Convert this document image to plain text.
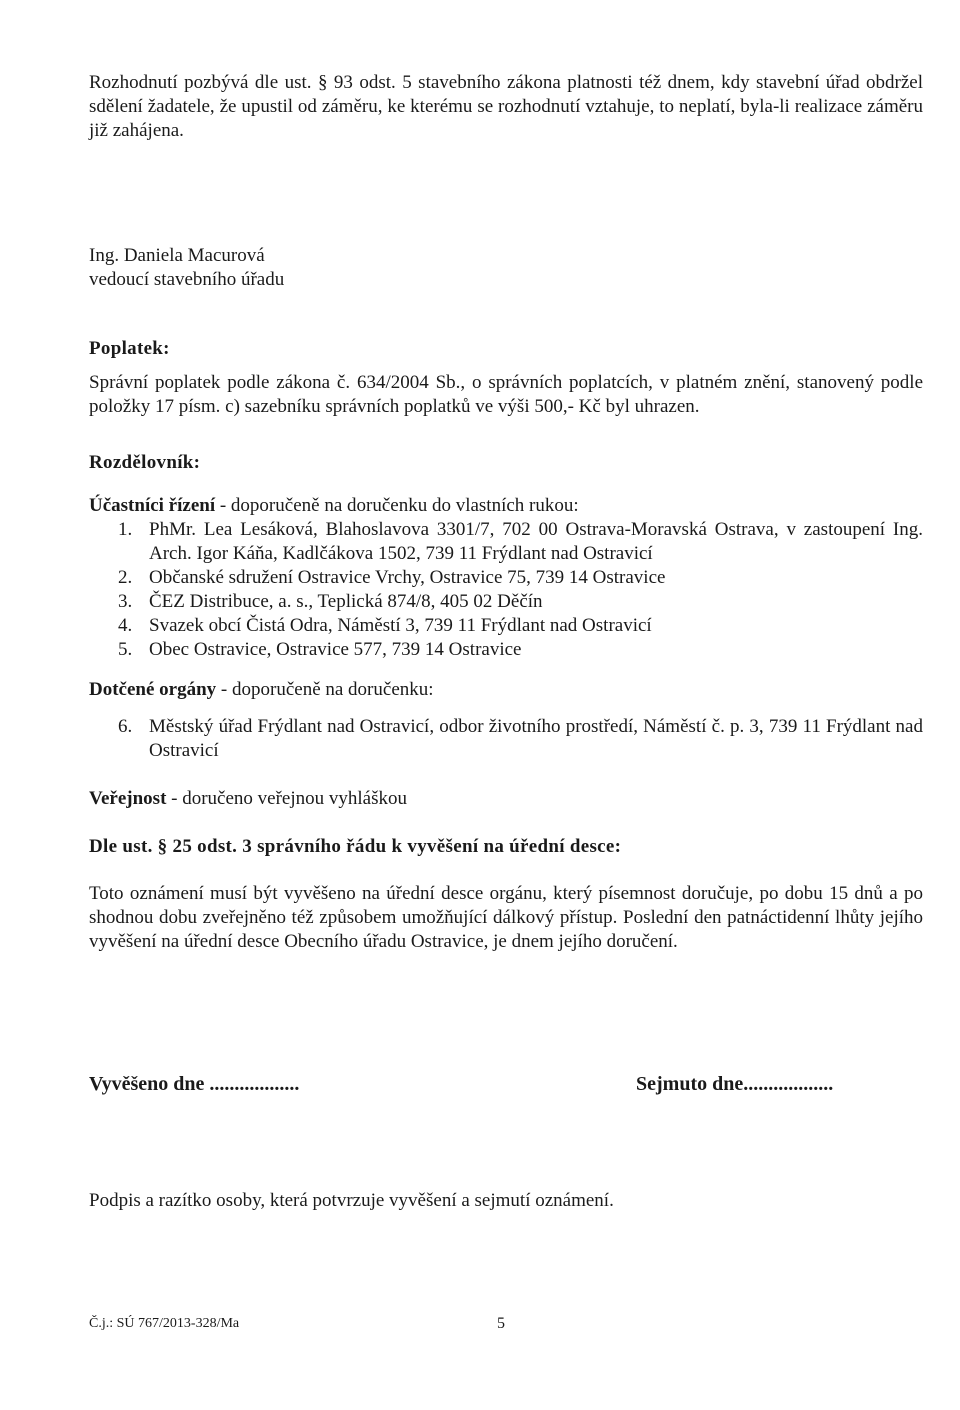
Rozhodnutí pozbývá dle ust. § 93 odst. 5 stavebního zákona platnosti též dnem, kdy stavební úřad obdržel sdělení žadatele, že upustil od záměru, ke kterému se rozhodnutí vztahuje, to neplatí, byla-li realizace záměru již zahájena.

Ing. Daniela Macurová

vedoucí stavebního úřadu

Poplatek:

Správní poplatek podle zákona č. 634/2004 Sb., o správních poplatcích, v platném znění, stanovený podle položky 17 písm. c) sazebníku správních poplatků ve výši 500,- Kč byl uhrazen.

Rozdělovník:

Účastníci řízení - doporučeně na doručenku do vlastních rukou:

1. PhMr. Lea Lesáková, Blahoslavova 3301/7, 702 00 Ostrava-Moravská Ostrava, v zastoupení Ing. Arch. Igor Káňa, Kadlčákova 1502, 739 11 Frýdlant nad Ostravicí
2. Občanské sdružení Ostravice Vrchy, Ostravice 75, 739 14 Ostravice
3. ČEZ Distribuce, a. s., Teplická 874/8, 405 02 Děčín
4. Svazek obcí Čistá Odra, Náměstí 3, 739 11 Frýdlant nad Ostravicí
5. Obec Ostravice, Ostravice 577, 739 14 Ostravice

Dotčené orgány - doporučeně na doručenku:

6. Městský úřad Frýdlant nad Ostravicí, odbor životního prostředí, Náměstí č. p. 3, 739 11 Frýdlant nad Ostravicí

Veřejnost - doručeno veřejnou vyhláškou

Dle ust. § 25 odst. 3 správního řádu k vyvěšení na úřední desce:

Toto oznámení musí být vyvěšeno na úřední desce orgánu, který písemnost doručuje, po dobu 15 dnů a po shodnou dobu zveřejněno též způsobem umožňující dálkový přístup. Poslední den patnáctidenní lhůty jejího vyvěšení na úřední desce Obecního úřadu Ostravice, je dnem jejího doručení.

Vyvěšeno dne ..................	Sejmuto dne..................

Podpis a razítko osoby, která potvrzuje vyvěšení a sejmutí oznámení.

Č.j.: SÚ 767/2013-328/Ma	5
